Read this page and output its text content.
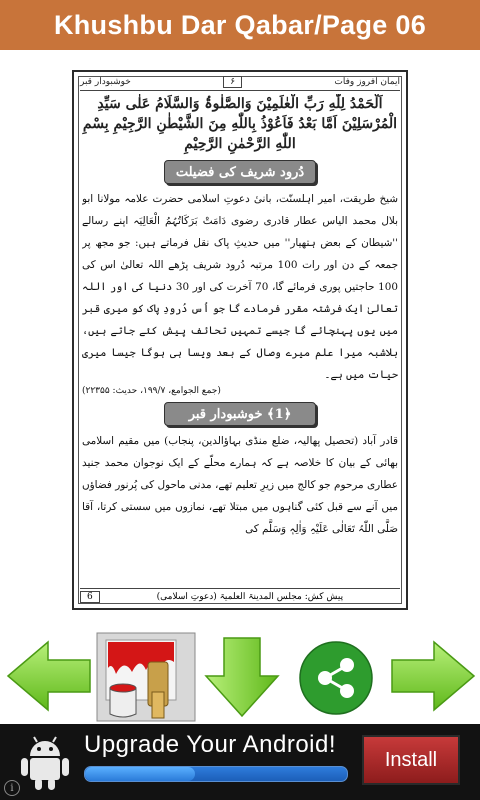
Khushbu Dar Qabar/Page 06
خوشبودار قبر	۶	ایمان افروز وفات
اَلْحَمْدُ لِلّٰهِ رَبِّ الْعٰلَمِیْنَ وَالصَّلٰوۃُ وَالسَّلَامُ عَلٰی سَیِّدِ الْمُرْسَلِیْنَ اَمَّا بَعْدُ فَاَعُوْذُ بِاللّٰهِ مِنَ الشَّیْطٰنِ الرَّجِیْمِ بِسْمِ اللّٰهِ الرَّحْمٰنِ الرَّحِیْمِ
دُرود شریف کی فضیلت

شیخ طریقت، امیر اہلسنّت، بانیٔ دعوتِ اسلامی حضرت علامہ مولانا ابو بلال محمد الیاس عطار قادری رضوی دَامَتْ بَرَکَاتُہُمُ الْعَالِیَہ اپنے رسالے ''شیطان کے بعض ہتھیار'' میں حدیثِ پاک نقل فرماتے ہیں: جو مجھ پر جمعہ کے دن اور رات 100 مرتبہ دُرود شریف پڑھے اللہ تعالیٰ اس کی 100 حاجتیں پوری فرمائے گا، 70 آخرت کی اور 30 دنیا کی اور اللہ تعالیٰ ایک فرشتہ مقرر فرمادے گا جو اُس دُرودِ پاک کو میری قبر میں یوں پہنچائے گا جیسے تمہیں تحائف پیش کئے جاتے ہیں، بلاشبہ میرا علم میرے وصال کے بعد ویسا ہی ہوگا جیسا میری حیات میں ہے۔

(جمع الجوامع، ۱۹۹/۷، حدیث: ۲۲۳۵۵)

﴿1﴾ خوشبودار قبر

قادر آباد (تحصیل پھالیہ، ضلع منڈی بہاؤالدین، پنجاب) میں مقیم اسلامی بھائی کے بیان کا خلاصہ ہے کہ ہمارے محلّے کے ایک نوجوان محمد جنید عطاری مرحوم جو کالج میں زیرِ تعلیم تھے، مدنی ماحول کی پُرنور فضاؤں میں آنے سے قبل کئی گناہوں میں مبتلا تھے، نمازوں میں سستی کرتا، آقا صَلَّی اللّٰہُ تَعَالٰی عَلَیْہِ وَاٰلِہٖ وَسَلَّم کی

6	پیش کش: مجلس المدینۃ العلمیۃ (دعوتِ اسلامی)
Upgrade Your Android!
Install
i
